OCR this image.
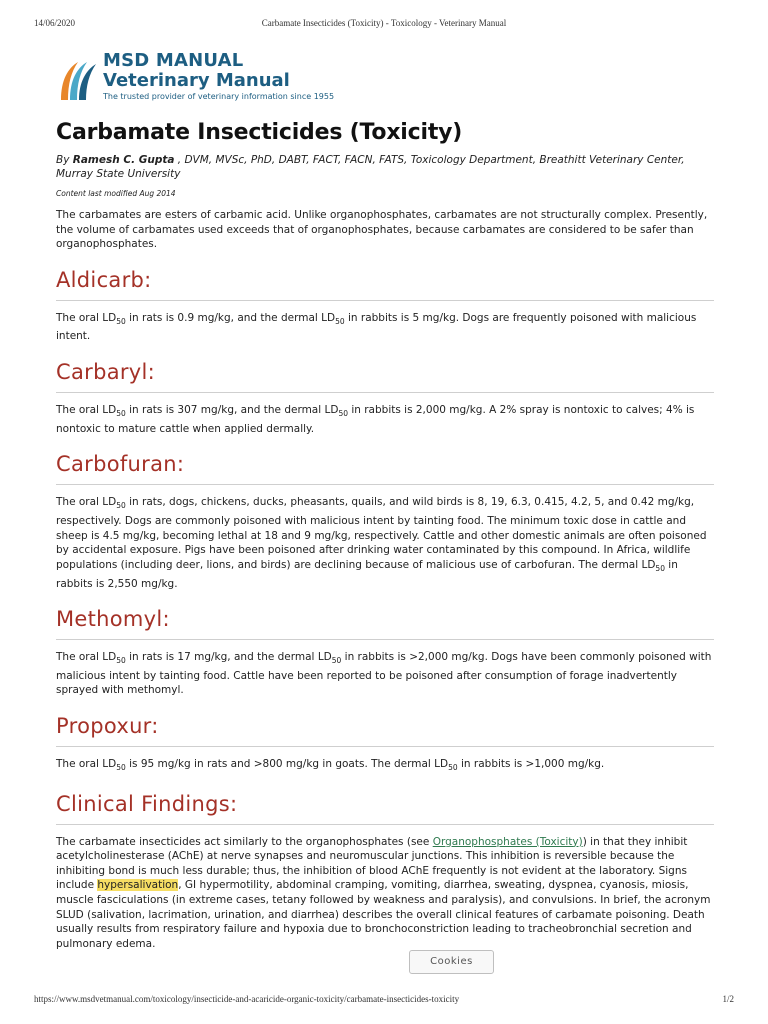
14/06/2020	Carbamate Insecticides (Toxicity) - Toxicology - Veterinary Manual
MSD MANUAL
Veterinary Manual
The trusted provider of veterinary information since 1955
Carbamate Insecticides (Toxicity)
By Ramesh C. Gupta , DVM, MVSc, PhD, DABT, FACT, FACN, FATS, Toxicology Department, Breathitt Veterinary Center, Murray State University
Content last modified Aug 2014

The carbamates are esters of carbamic acid. Unlike organophosphates, carbamates are not structurally complex. Presently, the volume of carbamates used exceeds that of organophosphates, because carbamates are considered to be safer than organophosphates.

Aldicarb:

The oral $LD_{50}$ in rats is 0.9 mg/kg, and the dermal $LD_{50}$ in rabbits is 5 mg/kg. Dogs are frequently poisoned with malicious intent.

Carbaryl:

The oral $LD_{50}$ in rats is 307 mg/kg, and the dermal $LD_{50}$ in rabbits is 2,000 mg/kg. A 2% spray is nontoxic to calves; 4% is nontoxic to mature cattle when applied dermally.

Carbofuran:

The oral $LD_{50}$ in rats, dogs, chickens, ducks, pheasants, quails, and wild birds is 8, 19, 6.3, 0.415, 4.2, 5, and 0.42 mg/kg, respectively. Dogs are commonly poisoned with malicious intent by tainting food. The minimum toxic dose in cattle and sheep is 4.5 mg/kg, becoming lethal at 18 and 9 mg/kg, respectively. Cattle and other domestic animals are often poisoned by accidental exposure. Pigs have been poisoned after drinking water contaminated by this compound. In Africa, wildlife populations (including deer, lions, and birds) are declining because of malicious use of carbofuran. The dermal $LD_{50}$ in rabbits is 2,550 mg/kg.

Methomyl:

The oral $LD_{50}$ in rats is 17 mg/kg, and the dermal $LD_{50}$ in rabbits is >2,000 mg/kg. Dogs have been commonly poisoned with malicious intent by tainting food. Cattle have been reported to be poisoned after consumption of forage inadvertently sprayed with methomyl.

Propoxur:

The oral $LD_{50}$ is 95 mg/kg in rats and >800 mg/kg in goats. The dermal $LD_{50}$ in rabbits is >1,000 mg/kg.

Clinical Findings:

The carbamate insecticides act similarly to the organophosphates (see Organophosphates (Toxicity)) in that they inhibit acetylcholinesterase (AChE) at nerve synapses and neuromuscular junctions. This inhibition is reversible because the inhibiting bond is much less durable; thus, the inhibition of blood AChE frequently is not evident at the laboratory. Signs include hypersalivation, GI hypermotility, abdominal cramping, vomiting, diarrhea, sweating, dyspnea, cyanosis, miosis, muscle fasciculations (in extreme cases, tetany followed by weakness and paralysis), and convulsions. In brief, the acronym SLUD (salivation, lacrimation, urination, and diarrhea) describes the overall clinical features of carbamate poisoning. Death usually results from respiratory failure and hypoxia due to bronchoconstriction leading to tracheobronchial secretion and pulmonary edema.

Cookies
https://www.msdvetmanual.com/toxicology/insecticide-and-acaricide-organic-toxicity/carbamate-insecticides-toxicity	1/2
